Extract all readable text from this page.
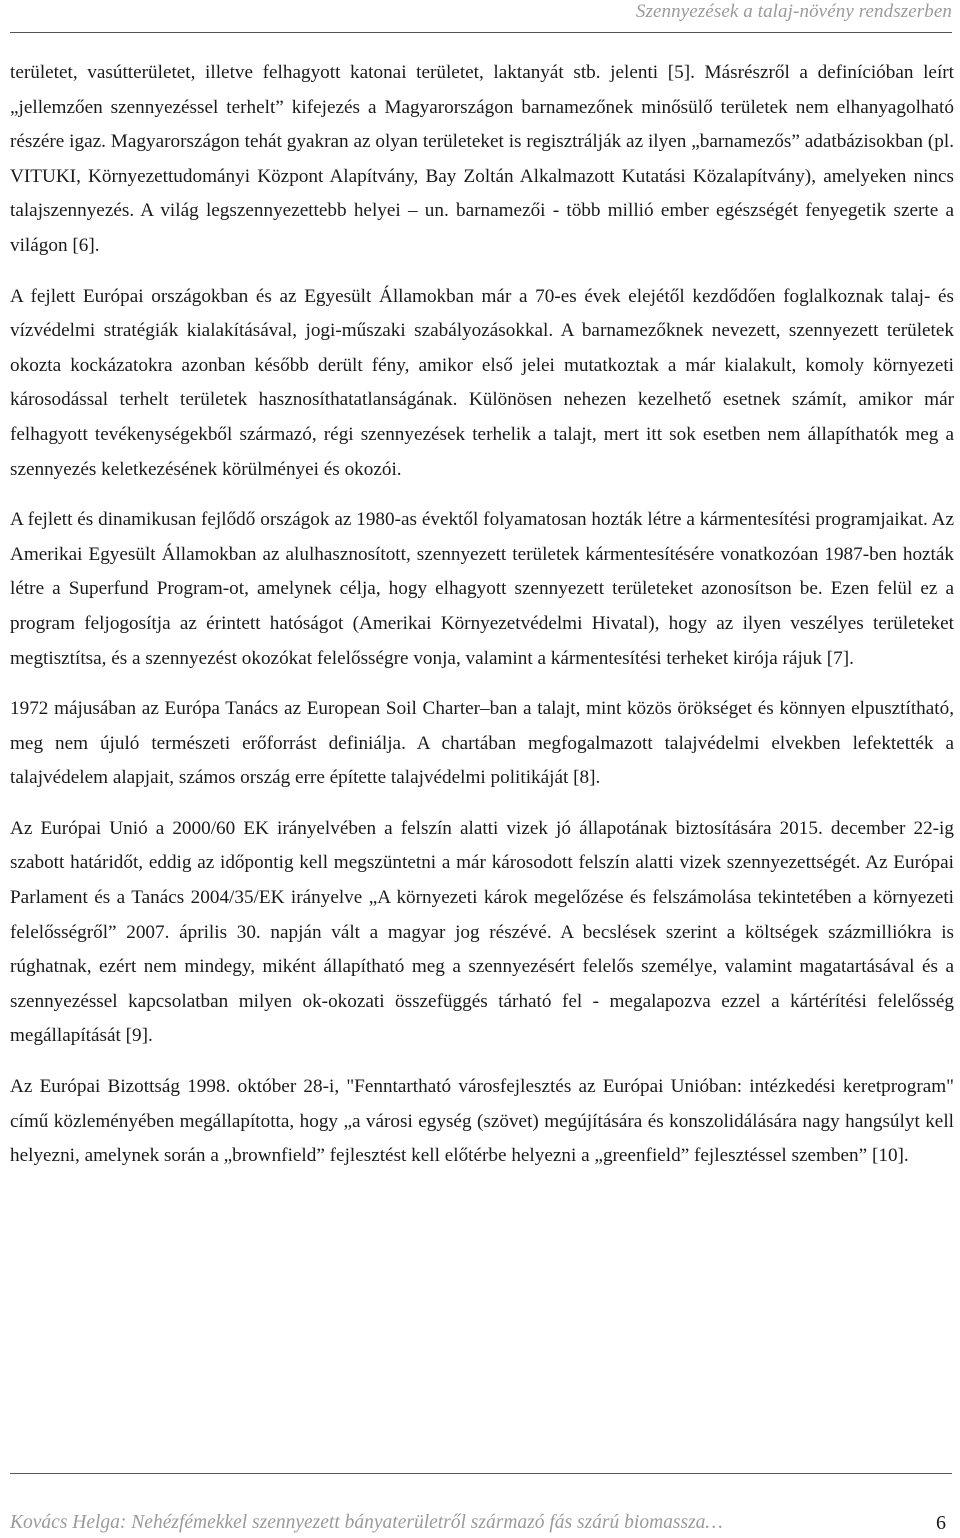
Szennyezések a talaj-növény rendszerben

területet, vasútterületet, illetve felhagyott katonai területet, laktanyát stb. jelenti [5]. Másrészről a definícióban leírt „jellemzően szennyezéssel terhelt” kifejezés a Magyarországon barnamezőnek minősülő területek nem elhanyagolható részére igaz. Magyarországon tehát gyakran az olyan területeket is regisztrálják az ilyen „barnamezős” adatbázisokban (pl. VITUKI, Környezettudományi Központ Alapítvány, Bay Zoltán Alkalmazott Kutatási Közalapítvány), amelyeken nincs talajszennyezés. A világ legszennyezettebb helyei – un. barnamezői - több millió ember egészségét fenyegetik szerte a világon [6].

A fejlett Európai országokban és az Egyesült Államokban már a 70-es évek elejétől kezdődően foglalkoznak talaj- és vízvédelmi stratégiák kialakításával, jogi-műszaki szabályozásokkal. A barnamezőknek nevezett, szennyezett területek okozta kockázatokra azonban később derült fény, amikor első jelei mutatkoztak a már kialakult, komoly környezeti károsodással terhelt területek hasznosíthatatlanságának. Különösen nehezen kezelhető esetnek számít, amikor már felhagyott tevékenységekből származó, régi szennyezések terhelik a talajt, mert itt sok esetben nem állapíthatók meg a szennyezés keletkezésének körülményei és okozói.

A fejlett és dinamikusan fejlődő országok az 1980-as évektől folyamatosan hozták létre a kármentesítési programjaikat. Az Amerikai Egyesült Államokban az alulhasznosított, szennyezett területek kármentesítésére vonatkozóan 1987-ben hozták létre a Superfund Program-ot, amelynek célja, hogy elhagyott szennyezett területeket azonosítson be. Ezen felül ez a program feljogosítja az érintett hatóságot (Amerikai Környezetvédelmi Hivatal), hogy az ilyen veszélyes területeket megtisztítsa, és a szennyezést okozókat felelősségre vonja, valamint a kármentesítési terheket kirója rájuk [7].

1972 májusában az Európa Tanács az European Soil Charter–ban a talajt, mint közös örökséget és könnyen elpusztítható, meg nem újuló természeti erőforrást definiálja. A chartában megfogalmazott talajvédelmi elvekben lefektették a talajvédelem alapjait, számos ország erre építette talajvédelmi politikáját [8].

Az Európai Unió a 2000/60 EK irányelvében a felszín alatti vizek jó állapotának biztosítására 2015. december 22-ig szabott határidőt, eddig az időpontig kell megszüntetni a már károsodott felszín alatti vizek szennyezettségét. Az Európai Parlament és a Tanács 2004/35/EK irányelve „A környezeti károk megelőzése és felszámolása tekintetében a környezeti felelősségről” 2007. április 30. napján vált a magyar jog részévé. A becslések szerint a költségek százmilliókra is rúghatnak, ezért nem mindegy, miként állapítható meg a szennyezésért felelős személye, valamint magatartásával és a szennyezéssel kapcsolatban milyen ok-okozati összefüggés tárható fel - megalapozva ezzel a kártérítési felelősség megállapítását [9].

Az Európai Bizottság 1998. október 28-i, "Fenntartható városfejlesztés az Európai Unióban: intézkedési keretprogram" című közleményében megállapította, hogy „a városi egység (szövet) megújítására és konszolidálására nagy hangsúlyt kell helyezni, amelynek során a „brownfield” fejlesztést kell előtérbe helyezni a „greenfield” fejlesztéssel szemben” [10].

Kovács Helga: Nehézfémekkel szennyezett bányaterületről származó fás szárú biomassza…	6
